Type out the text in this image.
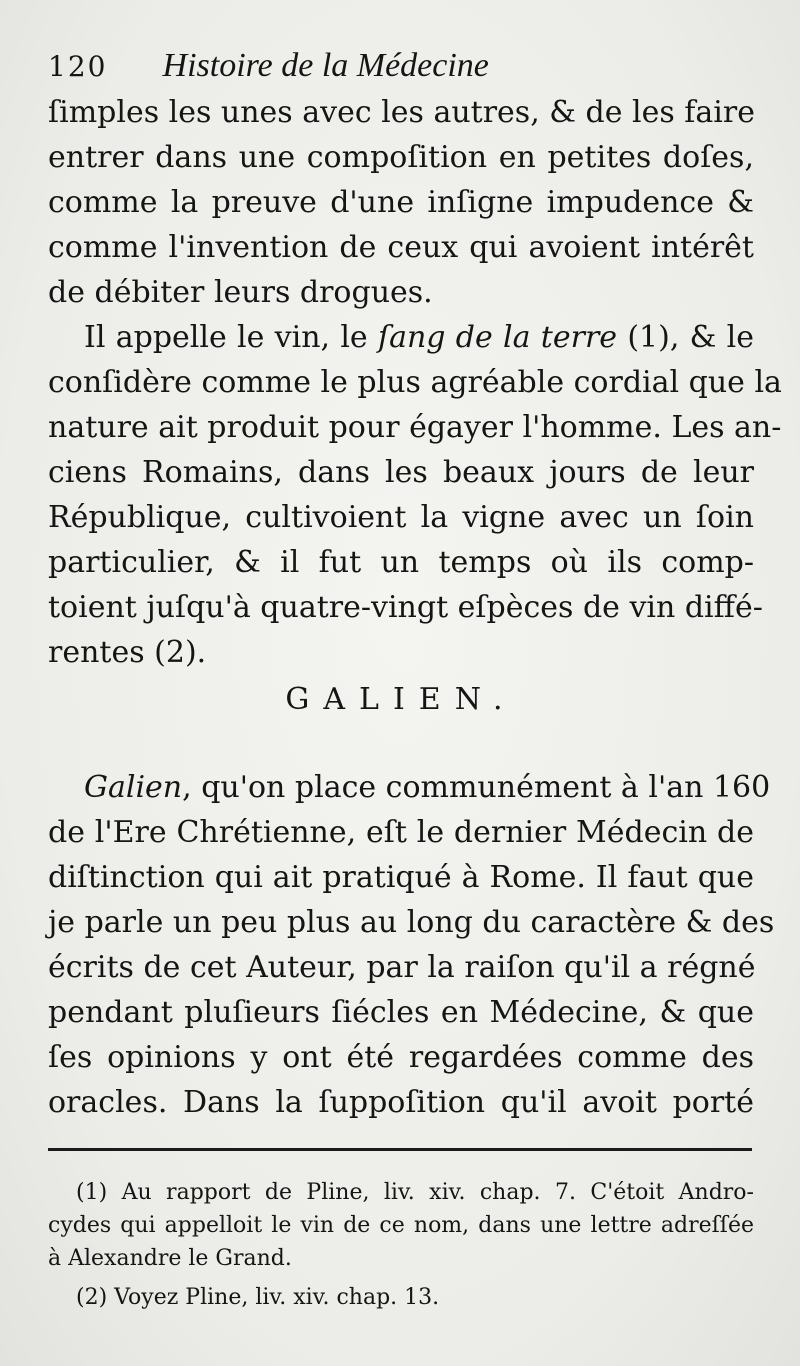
120 Histoire de la Médecine
ſimples les unes avec les autres, & de les faire
entrer dans une compoſition en petites doſes,
comme la preuve d'une inſigne impudence &
comme l'invention de ceux qui avoient intérêt
de débiter leurs drogues.
Il appelle le vin, le ſang de la terre (1), & le
conſidère comme le plus agréable cordial que la
nature ait produit pour égayer l'homme. Les an-
ciens Romains, dans les beaux jours de leur
République, cultivoient la vigne avec un ſoin
particulier, & il fut un temps où ils comp-
toient juſqu'à quatre-vingt eſpèces de vin diffé-
rentes (2).
GALIEN.
Galien, qu'on place communément à l'an 160
de l'Ere Chrétienne, eſt le dernier Médecin de
diſtinction qui ait pratiqué à Rome. Il faut que
je parle un peu plus au long du caractère & des
écrits de cet Auteur, par la raiſon qu'il a régné
pendant pluſieurs ſiécles en Médecine, & que
ſes opinions y ont été regardées comme des
oracles. Dans la ſuppoſition qu'il avoit porté
(1) Au rapport de Pline, liv. xiv. chap. 7. C'étoit Andro-
cydes qui appelloit le vin de ce nom, dans une lettre adreſſée
à Alexandre le Grand.
(2) Voyez Pline, liv. xiv. chap. 13.
